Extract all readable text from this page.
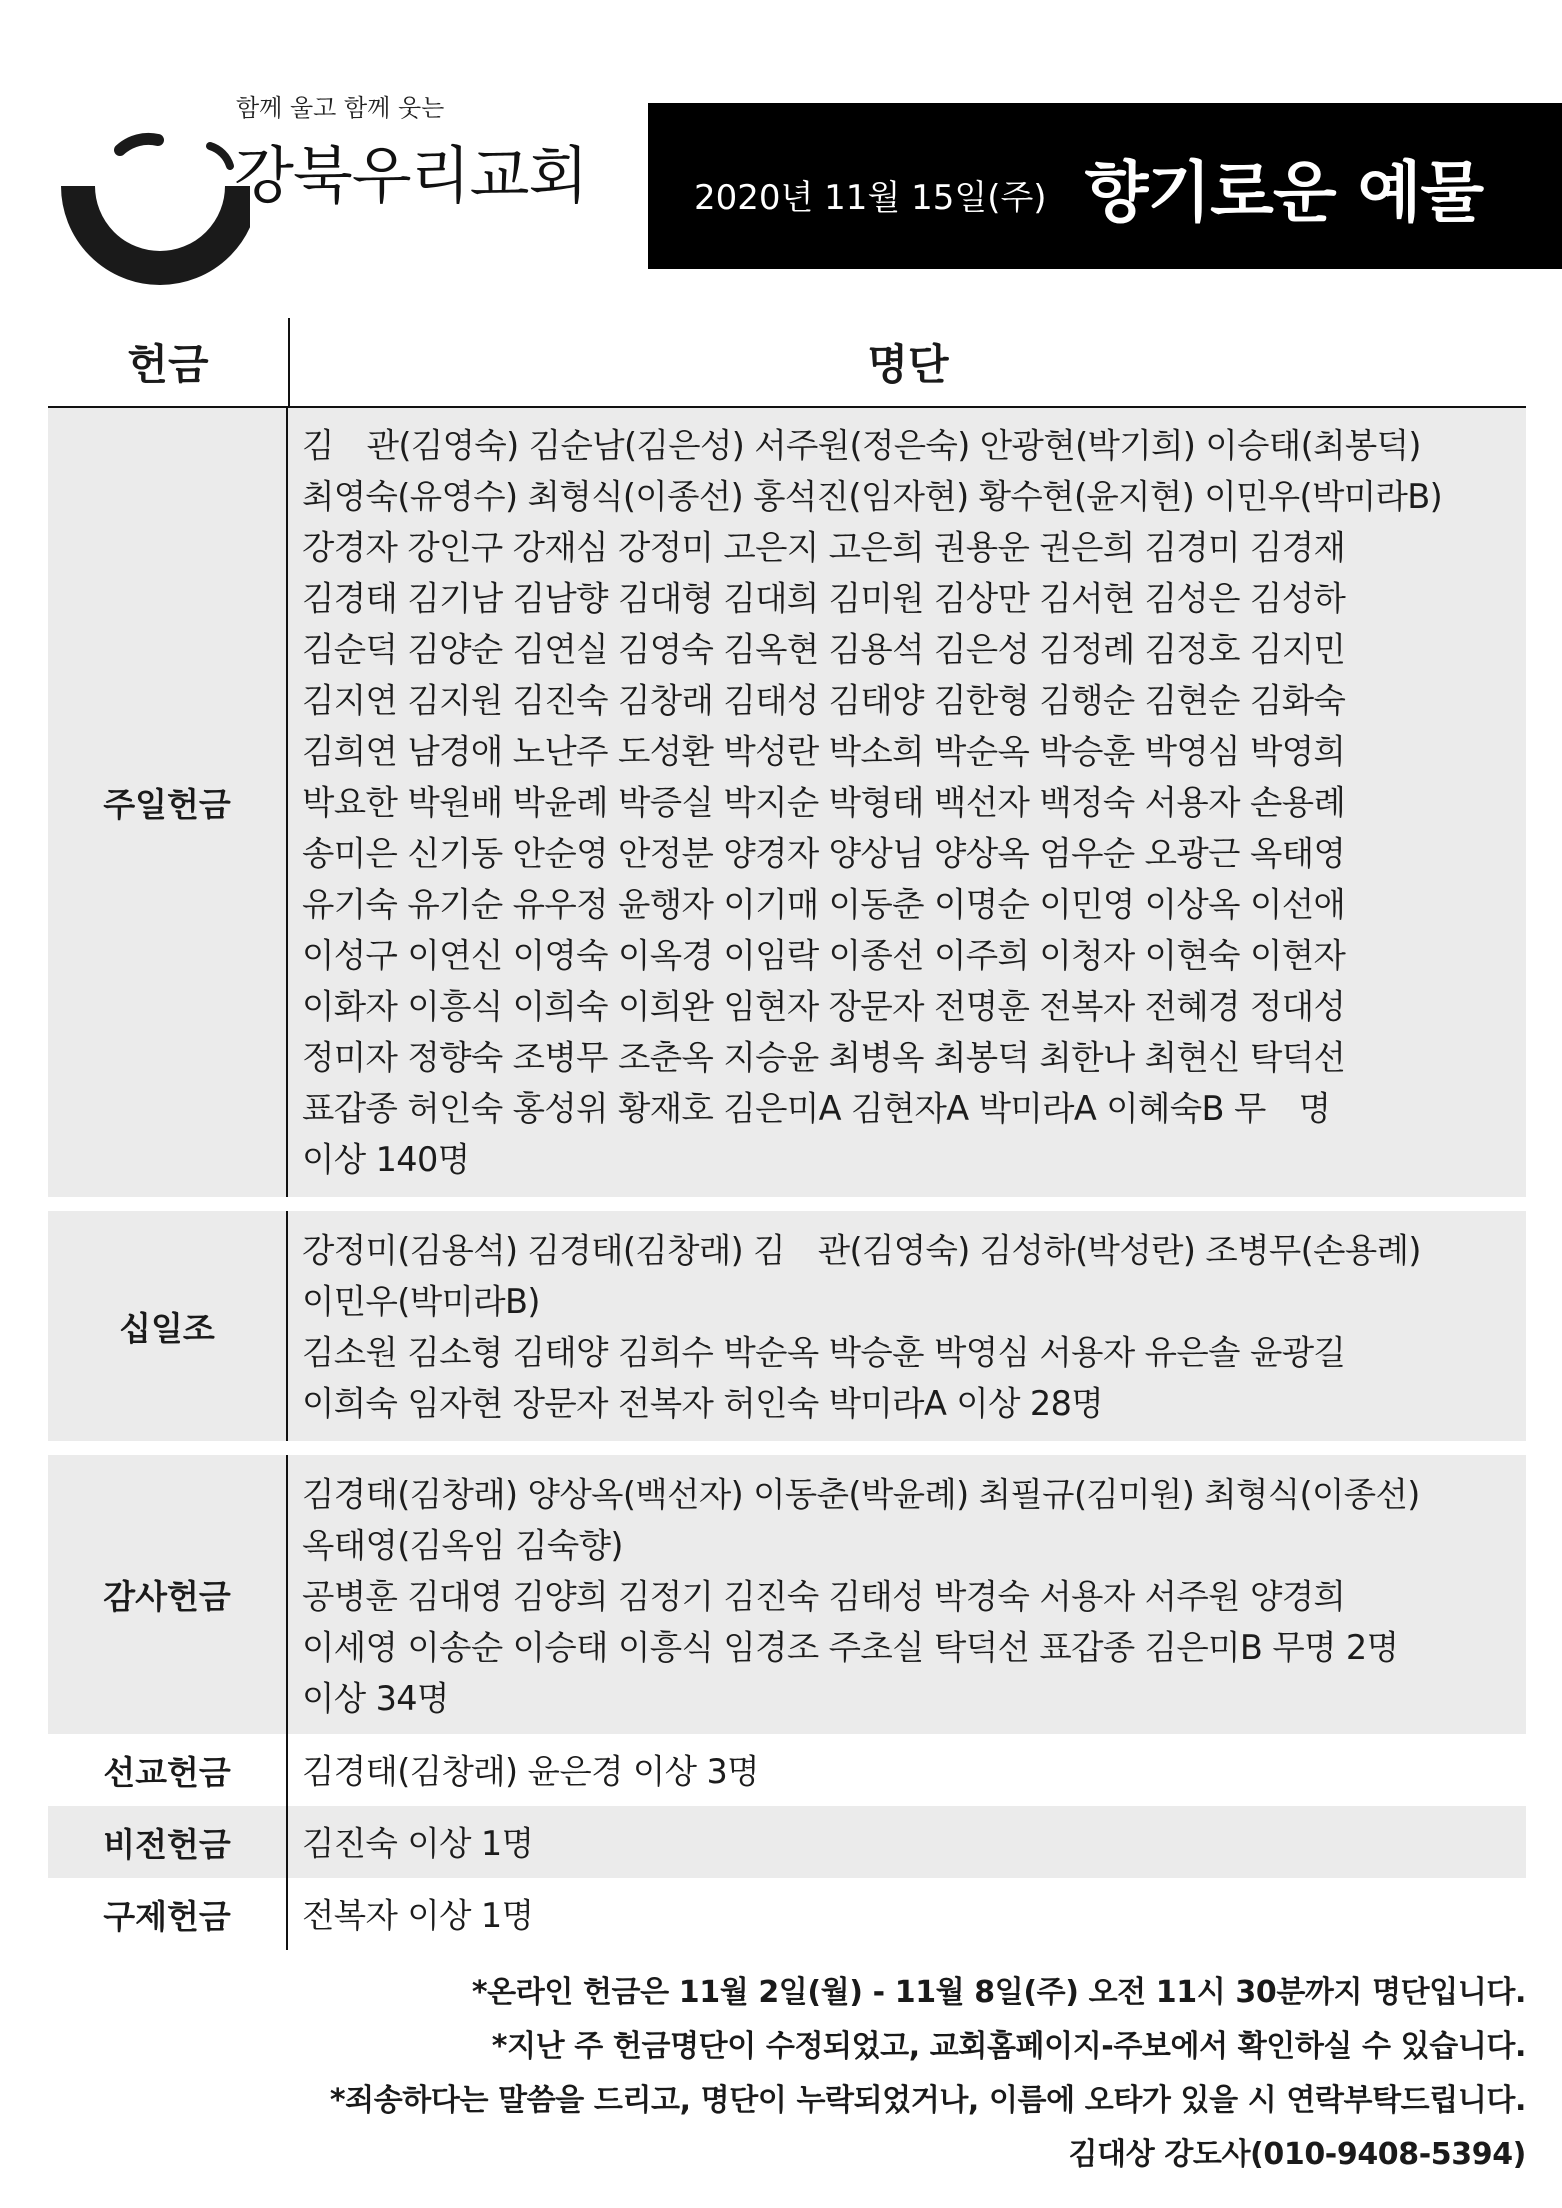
함께 울고 함께 웃는
강북우리교회	2020년 11월 15일(주) 향기로운 예물
헌금	명단
주일헌금
김　관(김영숙) 김순남(김은성) 서주원(정은숙) 안광현(박기희) 이승태(최봉덕)
최영숙(유영수) 최형식(이종선) 홍석진(임자현) 황수현(윤지현) 이민우(박미라B)
강경자 강인구 강재심 강정미 고은지 고은희 권용운 권은희 김경미 김경재
김경태 김기남 김남향 김대형 김대희 김미원 김상만 김서현 김성은 김성하
김순덕 김양순 김연실 김영숙 김옥현 김용석 김은성 김정례 김정호 김지민
김지연 김지원 김진숙 김창래 김태성 김태양 김한형 김행순 김현순 김화숙
김희연 남경애 노난주 도성환 박성란 박소희 박순옥 박승훈 박영심 박영희
박요한 박원배 박윤례 박증실 박지순 박형태 백선자 백정숙 서용자 손용례
송미은 신기동 안순영 안정분 양경자 양상님 양상옥 엄우순 오광근 옥태영
유기숙 유기순 유우정 윤행자 이기매 이동춘 이명순 이민영 이상옥 이선애
이성구 이연신 이영숙 이옥경 이임락 이종선 이주희 이청자 이현숙 이현자
이화자 이흥식 이희숙 이희완 임현자 장문자 전명훈 전복자 전혜경 정대성
정미자 정향숙 조병무 조춘옥 지승윤 최병옥 최봉덕 최한나 최현신 탁덕선
표갑종 허인숙 홍성위 황재호 김은미A 김현자A 박미라A 이혜숙B 무　명
이상 140명
십일조
강정미(김용석) 김경태(김창래) 김　관(김영숙) 김성하(박성란) 조병무(손용례)
이민우(박미라B)
김소원 김소형 김태양 김희수 박순옥 박승훈 박영심 서용자 유은솔 윤광길
이희숙 임자현 장문자 전복자 허인숙 박미라A 이상 28명
감사헌금
김경태(김창래) 양상옥(백선자) 이동춘(박윤례) 최필규(김미원) 최형식(이종선)
옥태영(김옥임 김숙향)
공병훈 김대영 김양희 김정기 김진숙 김태성 박경숙 서용자 서주원 양경희
이세영 이송순 이승태 이흥식 임경조 주초실 탁덕선 표갑종 김은미B 무명 2명
이상 34명
선교헌금	김경태(김창래) 윤은경 이상 3명
비전헌금	김진숙 이상 1명
구제헌금	전복자 이상 1명
*온라인 헌금은 11월 2일(월) - 11월 8일(주) 오전 11시 30분까지 명단입니다.
*지난 주 헌금명단이 수정되었고, 교회홈페이지-주보에서 확인하실 수 있습니다.
*죄송하다는 말씀을 드리고, 명단이 누락되었거나, 이름에 오타가 있을 시 연락부탁드립니다.
김대상 강도사(010-9408-5394)
